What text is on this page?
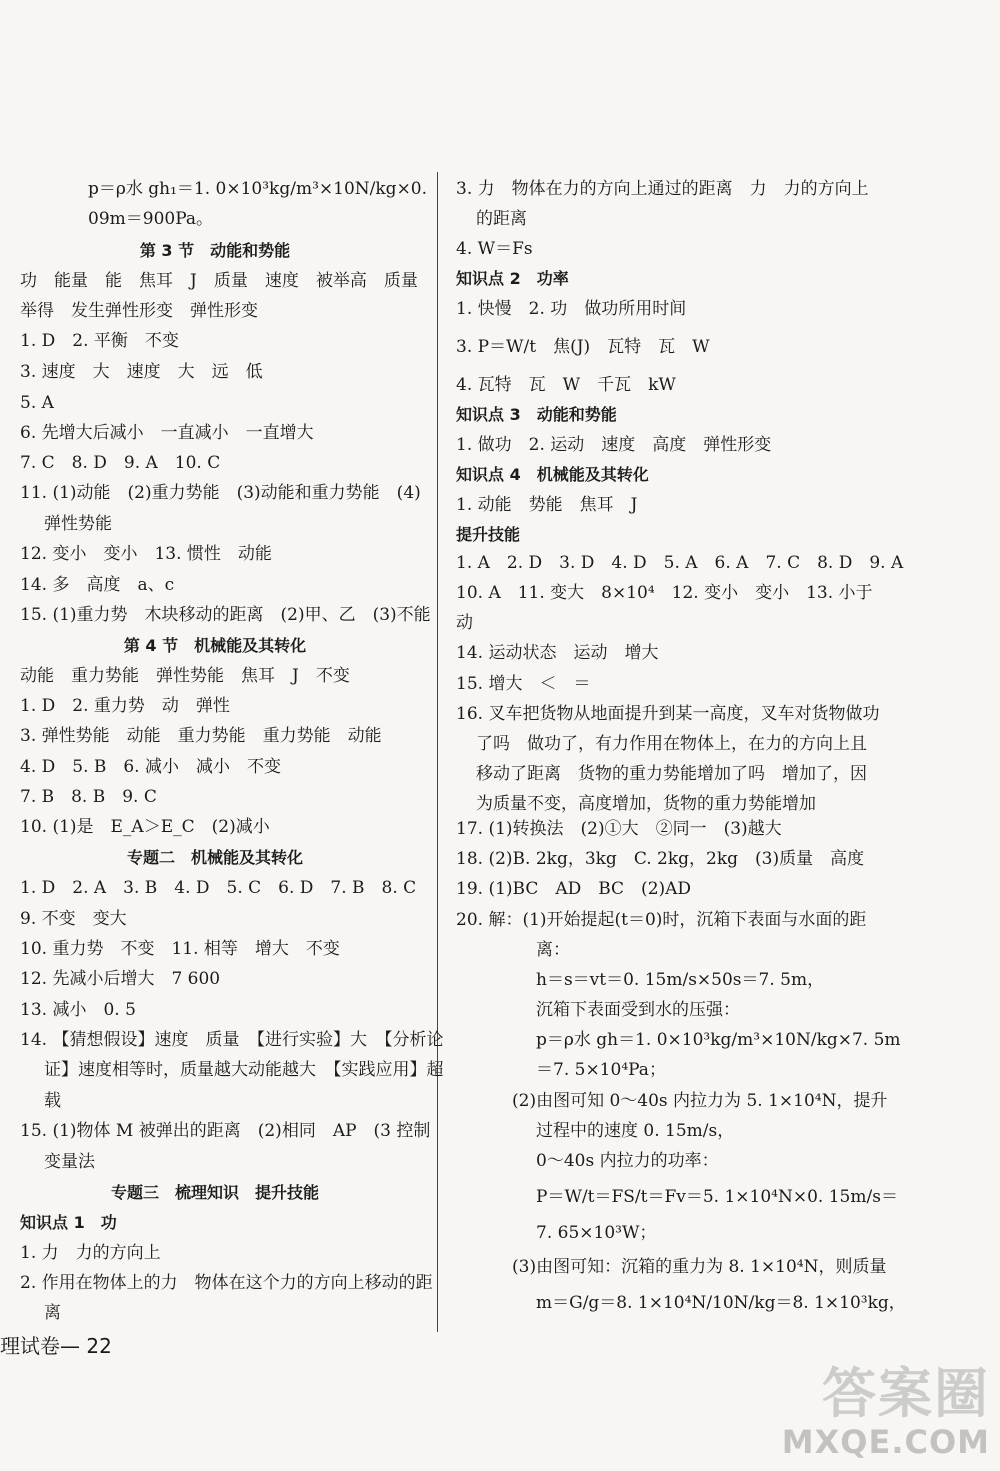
p＝ρ水 gh₁＝1. 0×10³kg/m³×10N/kg×0.
09m＝900Pa。
第 3 节　动能和势能
功　能量　能　焦耳　J　质量　速度　被举高　质量
举得　发生弹性形变　弹性形变
1. D　2. 平衡　不变
3. 速度　大　速度　大　远　低
5. A
6. 先增大后减小　一直减小　一直增大
7. C　8. D　9. A　10. C
11. (1)动能　(2)重力势能　(3)动能和重力势能　(4)
弹性势能
12. 变小　变小　13. 惯性　动能
14. 多　高度　a、c
15. (1)重力势　木块移动的距离　(2)甲、乙　(3)不能
第 4 节　机械能及其转化
动能　重力势能　弹性势能　焦耳　J　不变
1. D　2. 重力势　动　弹性
3. 弹性势能　动能　重力势能　重力势能　动能
4. D　5. B　6. 减小　减小　不变
7. B　8. B　9. C
10. (1)是　E_A＞E_C　(2)减小
专题二　机械能及其转化
1. D　2. A　3. B　4. D　5. C　6. D　7. B　8. C
9. 不变　变大
10. 重力势　不变　11. 相等　增大　不变
12. 先减小后增大　7 600
13. 减小　0. 5
14. 【猜想假设】速度　质量　【进行实验】大　【分析论
证】速度相等时，质量越大动能越大　【实践应用】超
载
15. (1)物体 M 被弹出的距离　(2)相同　AP　(3 控制
变量法
专题三　梳理知识　提升技能
知识点 1　功
1. 力　力的方向上
2. 作用在物体上的力　物体在这个力的方向上移动的距
离
3. 力　物体在力的方向上通过的距离　力　力的方向上
的距离
4. W＝Fs
知识点 2　功率
1. 快慢　2. 功　做功所用时间
3. P＝W/t　焦(J)　瓦特　瓦　W
4. 瓦特　瓦　W　千瓦　kW
知识点 3　动能和势能
1. 做功　2. 运动　速度　高度　弹性形变
知识点 4　机械能及其转化
1. 动能　势能　焦耳　J
提升技能
1. A　2. D　3. D　4. D　5. A　6. A　7. C　8. D　9. A
10. A　11. 变大　8×10⁴　12. 变小　变小　13. 小于
动
14. 运动状态　运动　增大
15. 增大　＜　＝
16. 叉车把货物从地面提升到某一高度，叉车对货物做功
了吗　做功了，有力作用在物体上，在力的方向上且
移动了距离　货物的重力势能增加了吗　增加了，因
为质量不变，高度增加，货物的重力势能增加
17. (1)转换法　(2)①大　②同一　(3)越大
18. (2)B. 2kg，3kg　C. 2kg，2kg　(3)质量　高度
19. (1)BC　AD　BC　(2)AD
20. 解：(1)开始提起(t＝0)时，沉箱下表面与水面的距
离：
h＝s＝vt＝0. 15m/s×50s＝7. 5m，
沉箱下表面受到水的压强：
p＝ρ水 gh＝1. 0×10³kg/m³×10N/kg×7. 5m
＝7. 5×10⁴Pa；
(2)由图可知 0～40s 内拉力为 5. 1×10⁴N，提升
过程中的速度 0. 15m/s，
0～40s 内拉力的功率：
P＝W/t＝FS/t＝Fv＝5. 1×10⁴N×0. 15m/s＝
7. 65×10³W；
(3)由图可知：沉箱的重力为 8. 1×10⁴N，则质量
m＝G/g＝8. 1×10⁴N/10N/kg＝8. 1×10³kg，
理试卷— 22
答案圈
MXQE.COM
